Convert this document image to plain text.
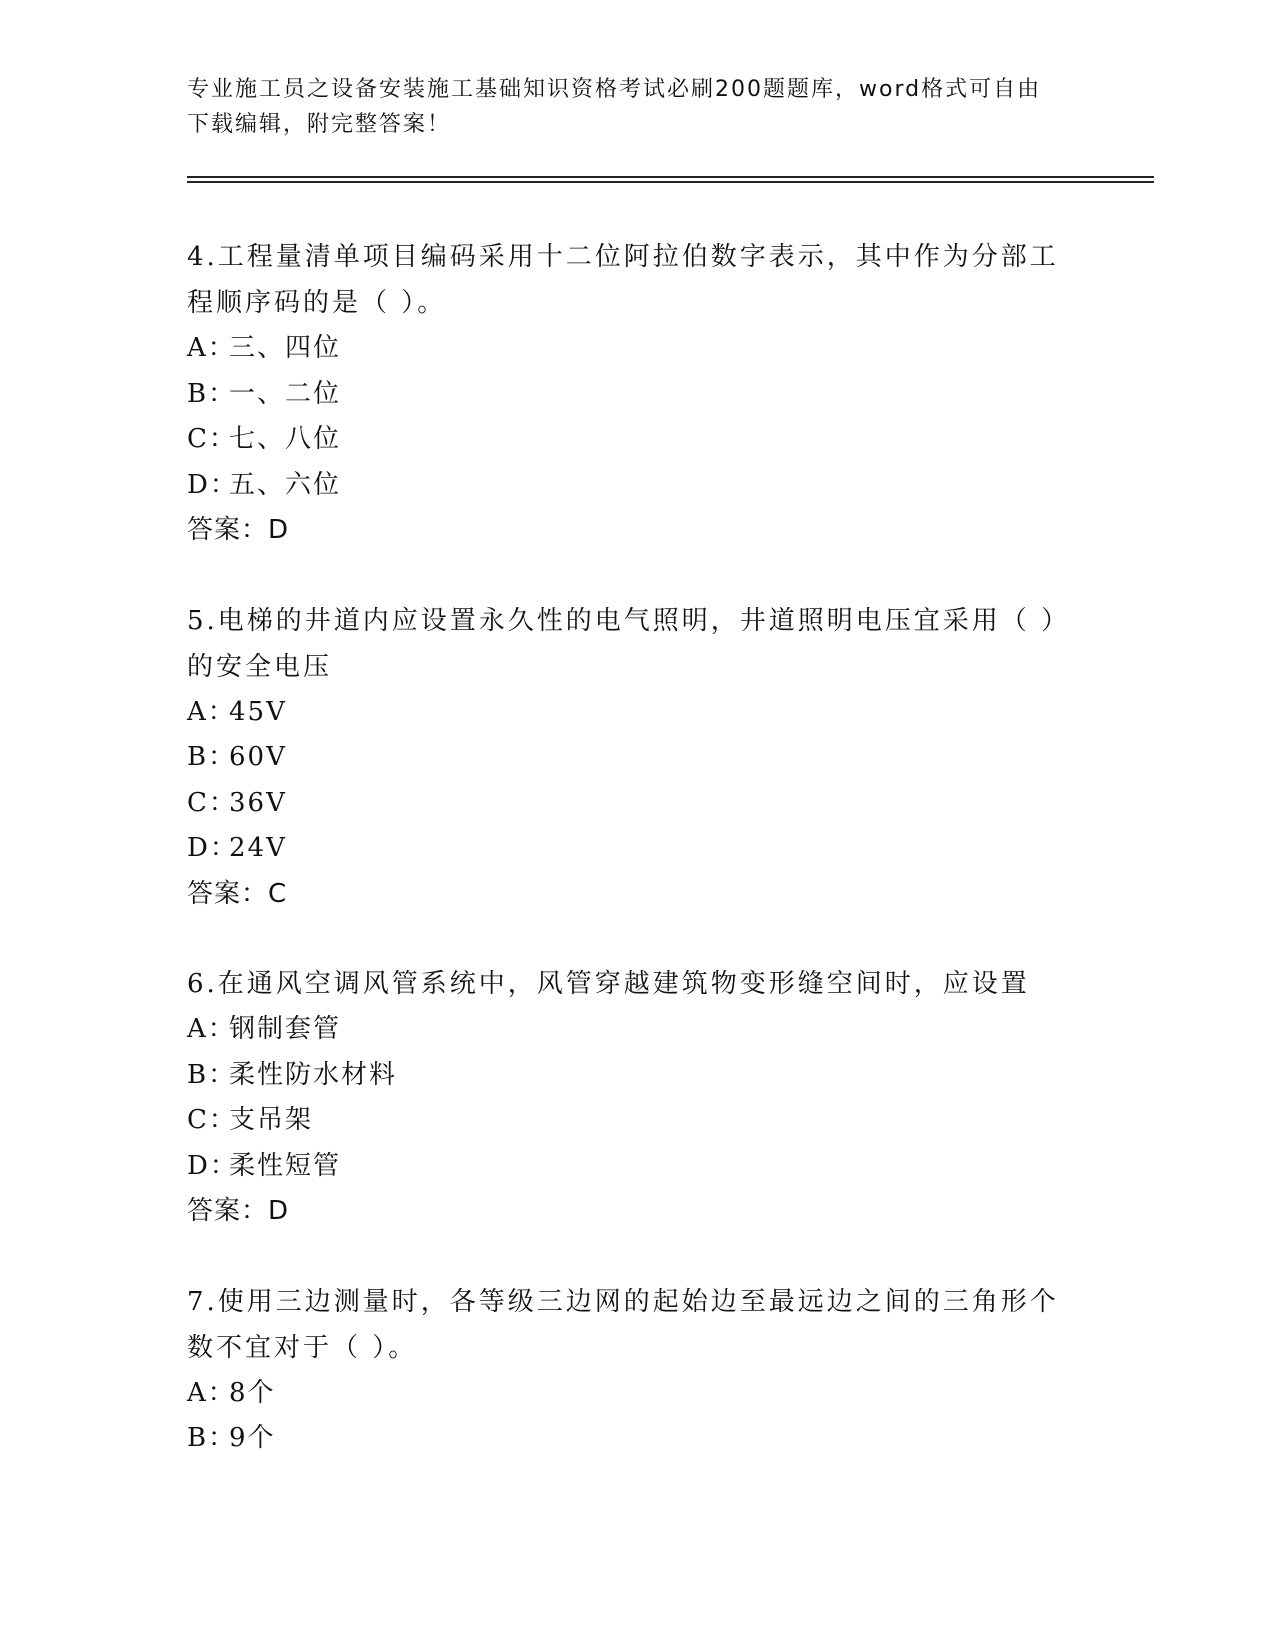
专业施工员之设备安装施工基础知识资格考试必刷200题题库，word格式可自由
下载编辑，附完整答案！
4.工程量清单项目编码采用十二位阿拉伯数字表示，其中作为分部工程顺序码的是（ ）。
A：
三、四位
B：
一、二位
C：
七、八位
D：
五、六位
答案：D
5.电梯的井道内应设置永久性的电气照明，井道照明电压宜采用（ ）的安全电压
A：
45V
B：
60V
C：
36V
D：
24V
答案：C
6.在通风空调风管系统中，风管穿越建筑物变形缝空间时，应设置
A：
钢制套管
B：
柔性防水材料
C：
支吊架
D：
柔性短管
答案：D
7.使用三边测量时，各等级三边网的起始边至最远边之间的三角形个数不宜对于（ ）。
A：
8个
B：
9个
